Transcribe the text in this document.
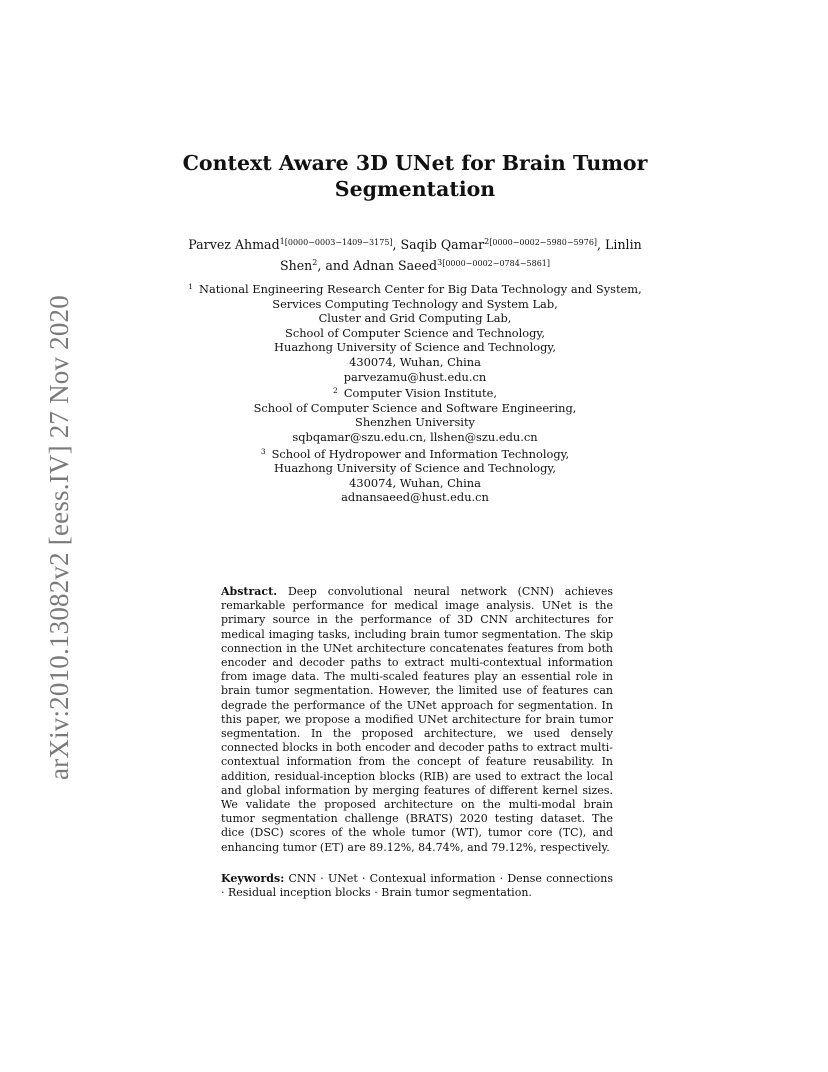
arXiv:2010.13082v2 [eess.IV] 27 Nov 2020
Context Aware 3D UNet for Brain Tumor
Segmentation
Parvez Ahmad$^{1[0000-0003-1409-3175]}$, Saqib Qamar$^{2[0000-0002-5980-5976]}$, Linlin Shen$^2$, and Adnan Saeed$^{3[0000-0002-0784-5861]}$
$^1$ National Engineering Research Center for Big Data Technology and System,
Services Computing Technology and System Lab,
Cluster and Grid Computing Lab,
School of Computer Science and Technology,
Huazhong University of Science and Technology,
430074, Wuhan, China
parvezamu@hust.edu.cn
$^2$ Computer Vision Institute,
School of Computer Science and Software Engineering,
Shenzhen University
sqbqamar@szu.edu.cn, llshen@szu.edu.cn
$^3$ School of Hydropower and Information Technology,
Huazhong University of Science and Technology,
430074, Wuhan, China
adnansaeed@hust.edu.cn
Abstract. Deep convolutional neural network (CNN) achieves remarkable performance for medical image analysis. UNet is the primary source in the performance of 3D CNN architectures for medical imaging tasks, including brain tumor segmentation. The skip connection in the UNet architecture concatenates features from both encoder and decoder paths to extract multi-contextual information from image data. The multi-scaled features play an essential role in brain tumor segmentation. However, the limited use of features can degrade the performance of the UNet approach for segmentation. In this paper, we propose a modified UNet architecture for brain tumor segmentation. In the proposed architecture, we used densely connected blocks in both encoder and decoder paths to extract multi-contextual information from the concept of feature reusability. In addition, residual-inception blocks (RIB) are used to extract the local and global information by merging features of different kernel sizes. We validate the proposed architecture on the multi-modal brain tumor segmentation challenge (BRATS) 2020 testing dataset. The dice (DSC) scores of the whole tumor (WT), tumor core (TC), and enhancing tumor (ET) are 89.12%, 84.74%, and 79.12%, respectively.
Keywords: CNN · UNet · Contexual information · Dense connections · Residual inception blocks · Brain tumor segmentation.
